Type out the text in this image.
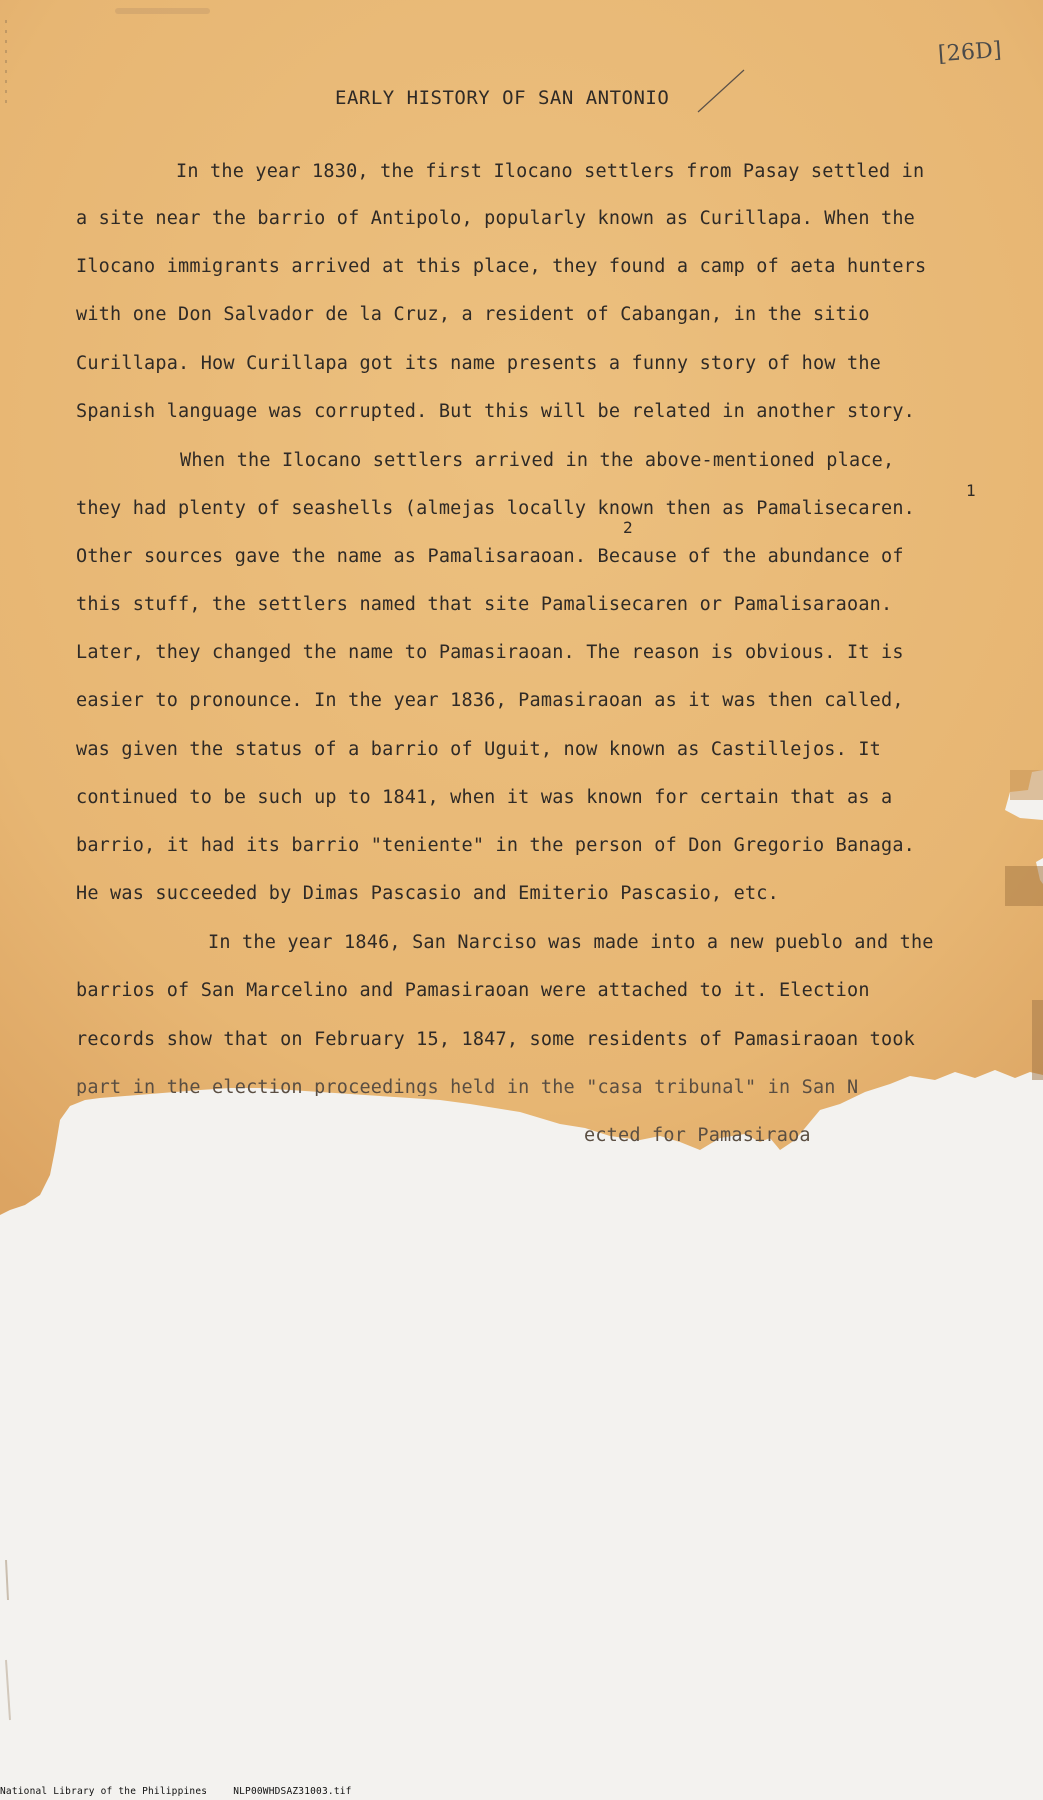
[26D]
EARLY HISTORY OF SAN ANTONIO
In the year 1830, the first Ilocano settlers from Pasay settled in
a site near the barrio of Antipolo, popularly known as Curillapa. When the
Ilocano immigrants arrived at this place, they found a camp of aeta hunters
with one Don Salvador de la Cruz, a resident of Cabangan, in the sitio
Curillapa. How Curillapa got its name presents a funny story of how the
Spanish language was corrupted. But this will be related in another story.
When the Ilocano settlers arrived in the above-mentioned place,
they had plenty of seashells (almejas locally known then as Pamalisecaren.
1
2
Other sources gave the name as Pamalisaraoan. Because of the abundance of
this stuff, the settlers named that site Pamalisecaren or Pamalisaraoan.
Later, they changed the name to Pamasiraoan. The reason is obvious. It is
easier to pronounce. In the year 1836, Pamasiraoan as it was then called,
was given the status of a barrio of Uguit, now known as Castillejos. It
continued to be such up to 1841, when it was known for certain that as a
barrio, it had its barrio "teniente" in the person of Don Gregorio Banaga.
He was succeeded by Dimas Pascasio and Emiterio Pascasio, etc.
In the year 1846, San Narciso was made into a new pueblo and the
barrios of San Marcelino and Pamasiraoan were attached to it. Election
records show that on February 15, 1847, some residents of Pamasiraoan took
part in the election proceedings held in the "casa tribunal" in San N
ected for Pamasiraoa
National Library of the Philippines	NLP00WHDSAZ31003.tif
